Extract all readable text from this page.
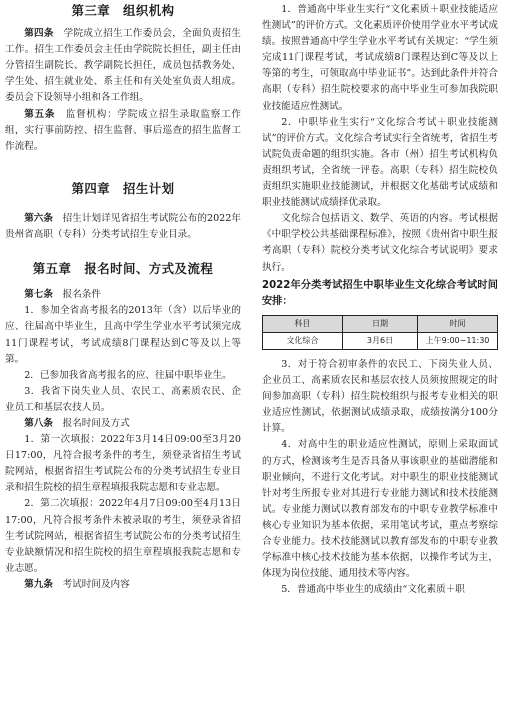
第三章　组织机构

第四条　 学院成立招生工作委员会，全面负责招生工作。招生工作委员会主任由学院院长担任，副主任由分管招生副院长、教学副院长担任，成员包括教务处、学生处、招生就业处、系主任和有关处室负责人组成。委员会下设领导小组和各工作组。

第五条　 监督机构：学院成立招生录取监察工作组，实行事前防控、招生监督、事后巡查的招生监督工作流程。

第四章　招生计划

第六条　 招生计划详见省招生考试院公布的2022年贵州省高职（专科）分类考试招生专业目录。

第五章　报名时间、方式及流程

第七条　 报名条件

1．参加全省高考报名的2013年（含）以后毕业的应、往届高中毕业生，且高中学生学业水平考试须完成11门课程考试，考试成绩8门课程达到C等及以上等第。

2．已参加我省高考报名的应、往届中职毕业生。

3．我省下岗失业人员、农民工、高素质农民、企业员工和基层农技人员。

第八条　 报名时间及方式

1．第一次填报：2022年3月14日09:00至3月20日17:00，凡符合报考条件的考生，须登录省招生考试院网站，根据省招生考试院公布的分类考试招生专业目录和招生院校的招生章程填报我院志愿和专业志愿。

2．第二次填报：2022年4月7日09:00至4月13日17:00，凡符合报考条件未被录取的考生，须登录省招生考试院网站，根据省招生考试院公布的分类考试招生专业缺额情况和招生院校的招生章程填报我院志愿和专业志愿。

第九条　 考试时间及内容

1．普通高中毕业生实行“文化素质＋职业技能适应性测试”的评价方式。文化素质评价使用学业水平考试成绩。按照普通高中学生学业水平考试有关规定：“学生须完成11门课程考试，考试成绩8门课程达到C等及以上等第的考生，可领取高中毕业证书”。达到此条件并符合高职（专科）招生院校要求的高中毕业生可参加我院职业技能适应性测试。

2．中职毕业生实行“文化综合考试＋职业技能测试”的评价方式。文化综合考试实行全省统考，省招生考试院负责命题的组织实施。各市（州）招生考试机构负责组织考试，全省统一评卷。高职（专科）招生院校负责组织实施职业技能测试，并根据文化基础考试成绩和职业技能测试成绩择优录取。

文化综合包括语文、数学、英语的内容。考试根据《中职学校公共基础课程标准》，按照《贵州省中职生报考高职（专科）院校分类考试文化综合考试说明》要求执行。

2022年分类考试招生中职毕业生文化综合考试时间安排：

科目	日期	时间
文化综合	3月6日	上午9:00−11:30

3．对于符合初审条件的农民工、下岗失业人员、企业员工、高素质农民和基层农技人员须按照规定的时间参加高职（专科）招生院校组织与报考专业相关的职业适应性测试，依据测试成绩录取，成绩按满分100分计算。

4．对高中生的职业适应性测试，原则上采取面试的方式，检测该考生是否具备从事该职业的基础潜能和职业倾向，不进行文化考试。对中职生的职业技能测试针对考生所报专业对其进行专业能力测试和技术技能测试。专业能力测试以教育部发布的中职专业教学标准中核心专业知识为基本依据，采用笔试考试，重点考察综合专业能力。技术技能测试以教育部发布的中职专业教学标准中核心技术技能为基本依据，以操作考试为主，体现为岗位技能、通用技术等内容。

5．普通高中毕业生的成绩由“文化素质＋职
